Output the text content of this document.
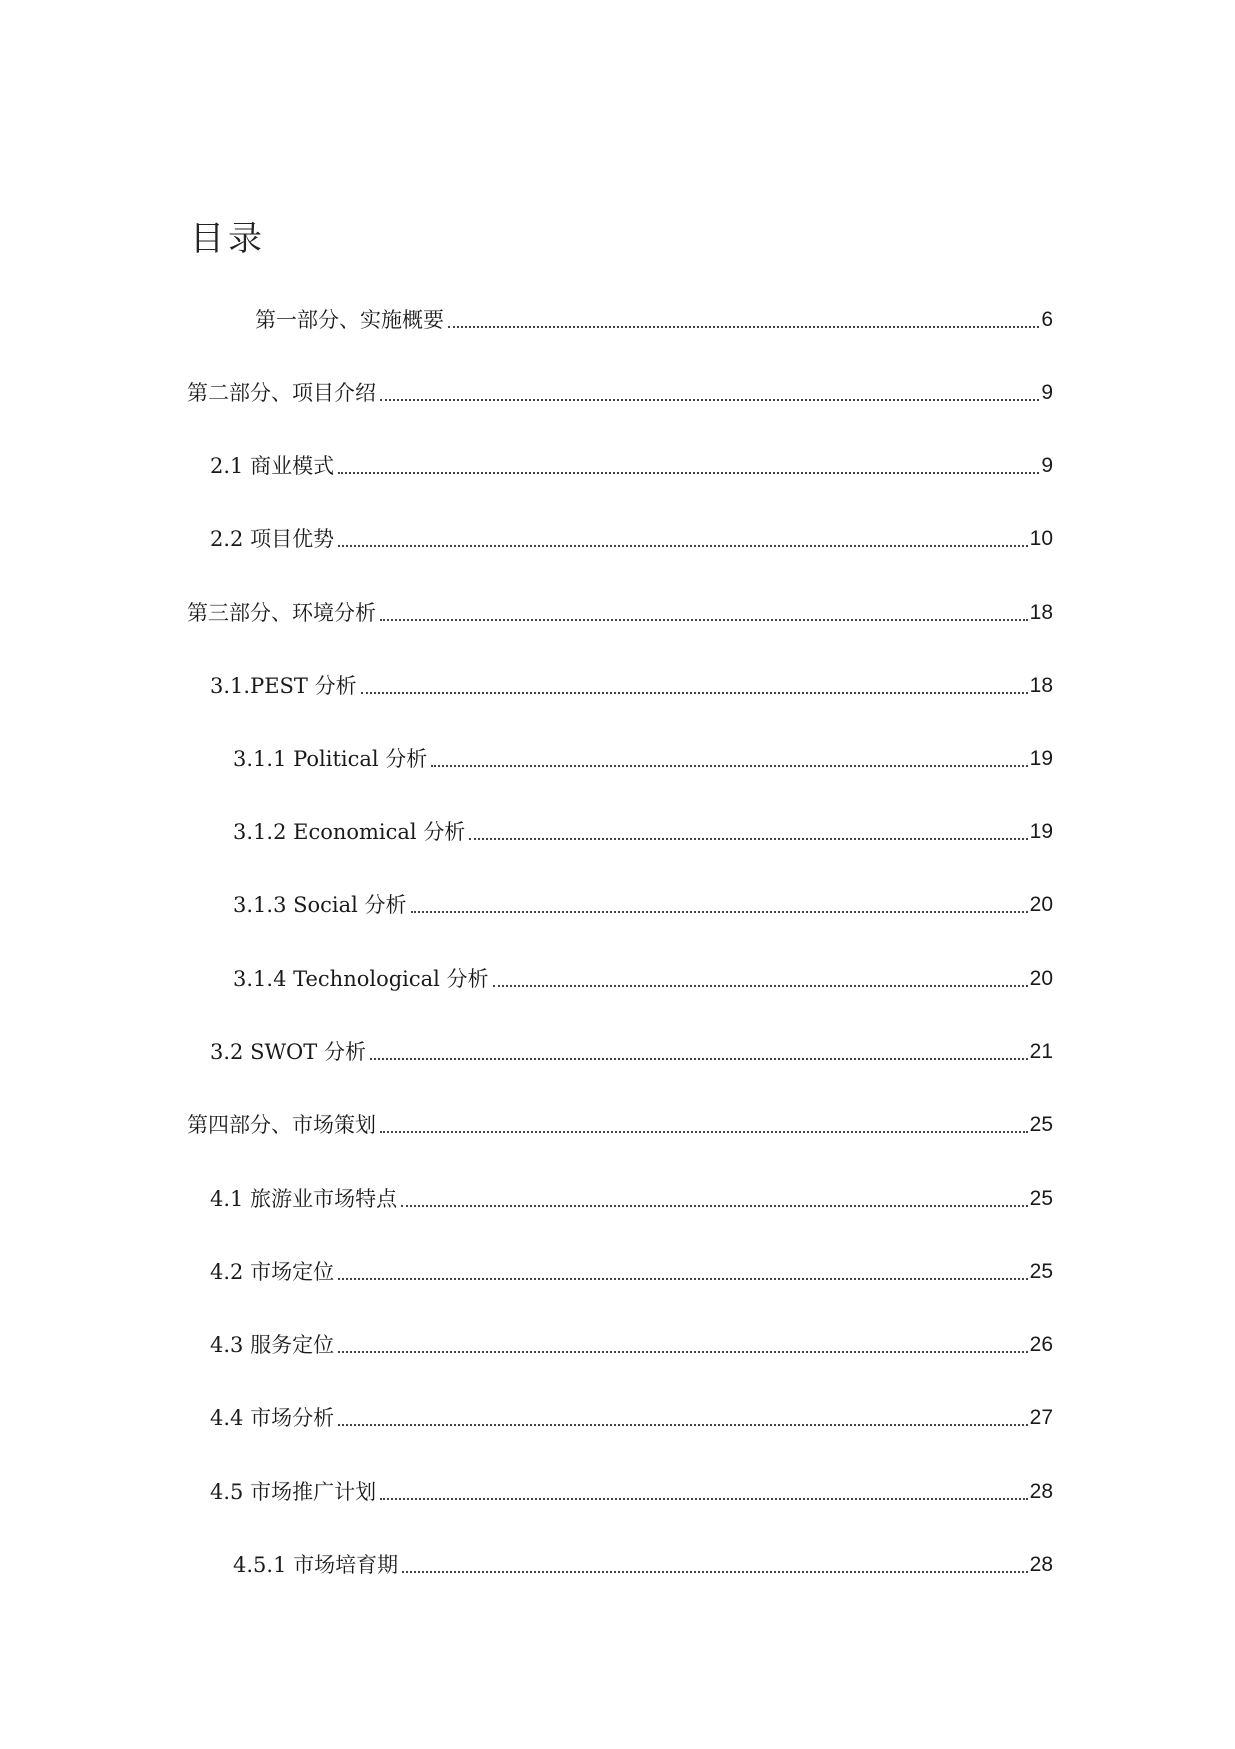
目录
第一部分、实施概要	6
第二部分、项目介绍	9
2.1 商业模式	9
2.2 项目优势	10
第三部分、环境分析	18
3.1.PEST 分析	18
3.1.1 Political 分析	19
3.1.2 Economical 分析	19
3.1.3 Social 分析	20
3.1.4 Technological 分析	20
3.2 SWOT 分析	21
第四部分、市场策划	25
4.1 旅游业市场特点	25
4.2 市场定位	25
4.3 服务定位	26
4.4 市场分析	27
4.5 市场推广计划	28
4.5.1 市场培育期	28
